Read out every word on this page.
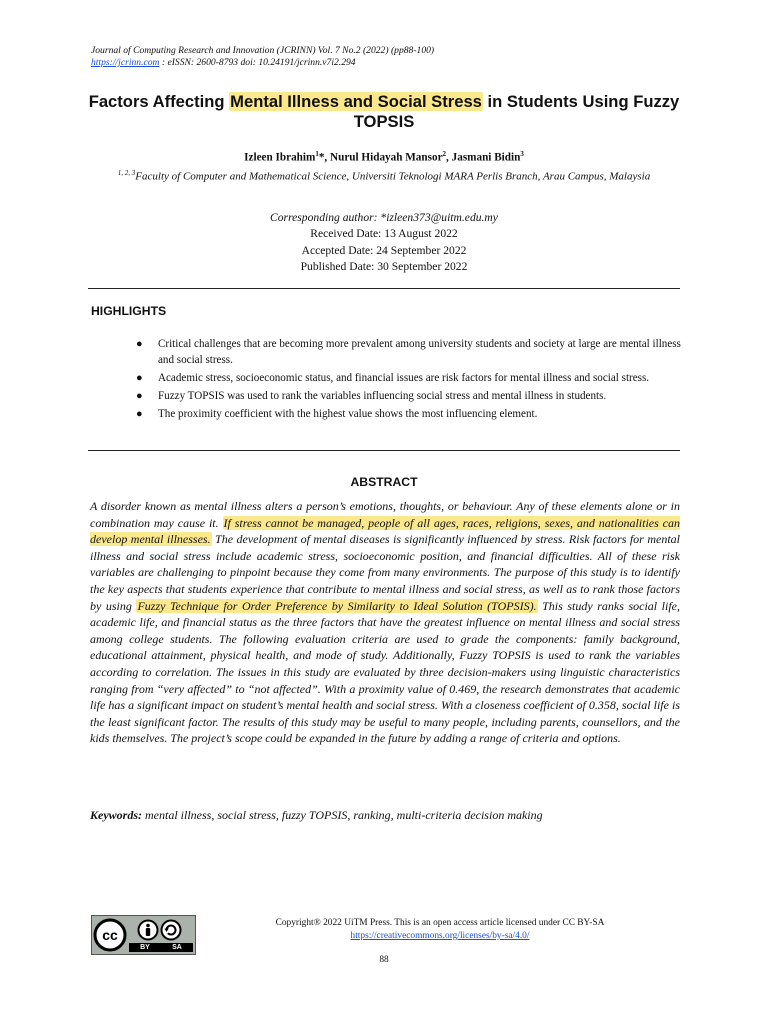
Journal of Computing Research and Innovation (JCRINN) Vol. 7 No.2 (2022) (pp88-100)
https://jcrinn.com : eISSN: 2600-8793 doi: 10.24191/jcrinn.v7i2.294
Factors Affecting Mental Illness and Social Stress in Students Using Fuzzy TOPSIS
Izleen Ibrahim$^1$*, Nurul Hidayah Mansor$^2$, Jasmani Bidin$^3$
$^{1, 2, 3}$Faculty of Computer and Mathematical Science, Universiti Teknologi MARA Perlis Branch, Arau Campus, Malaysia
Corresponding author: *izleen373@uitm.edu.my
Received Date: 13 August 2022
Accepted Date: 24 September 2022
Published Date: 30 September 2022
HIGHLIGHTS
● Critical challenges that are becoming more prevalent among university students and society at large are mental illness and social stress.
● Academic stress, socioeconomic status, and financial issues are risk factors for mental illness and social stress.
● Fuzzy TOPSIS was used to rank the variables influencing social stress and mental illness in students.
● The proximity coefficient with the highest value shows the most influencing element.
ABSTRACT

A disorder known as mental illness alters a person’s emotions, thoughts, or behaviour. Any of these elements alone or in combination may cause it. If stress cannot be managed, people of all ages, races, religions, sexes, and nationalities can develop mental illnesses. The development of mental diseases is significantly influenced by stress. Risk factors for mental illness and social stress include academic stress, socioeconomic position, and financial difficulties. All of these risk variables are challenging to pinpoint because they come from many environments. The purpose of this study is to identify the key aspects that students experience that contribute to mental illness and social stress, as well as to rank those factors by using Fuzzy Technique for Order Preference by Similarity to Ideal Solution (TOPSIS). This study ranks social life, academic life, and financial status as the three factors that have the greatest influence on mental illness and social stress among college students. The following evaluation criteria are used to grade the components: family background, educational attainment, physical health, and mode of study. Additionally, Fuzzy TOPSIS is used to rank the variables according to correlation. The issues in this study are evaluated by three decision-makers using linguistic characteristics ranging from “very affected” to “not affected”. With a proximity value of 0.469, the research demonstrates that academic life has a significant impact on student’s mental health and social stress. With a closeness coefficient of 0.358, social life is the least significant factor. The results of this study may be useful to many people, including parents, counsellors, and the kids themselves. The project’s scope could be expanded in the future by adding a range of criteria and options.

Keywords: mental illness, social stress, fuzzy TOPSIS, ranking, multi-criteria decision making

cc
BY	SA
Copyright® 2022 UiTM Press. This is an open access article licensed under CC BY-SA
https://creativecommons.org/licenses/by-sa/4.0/
88
